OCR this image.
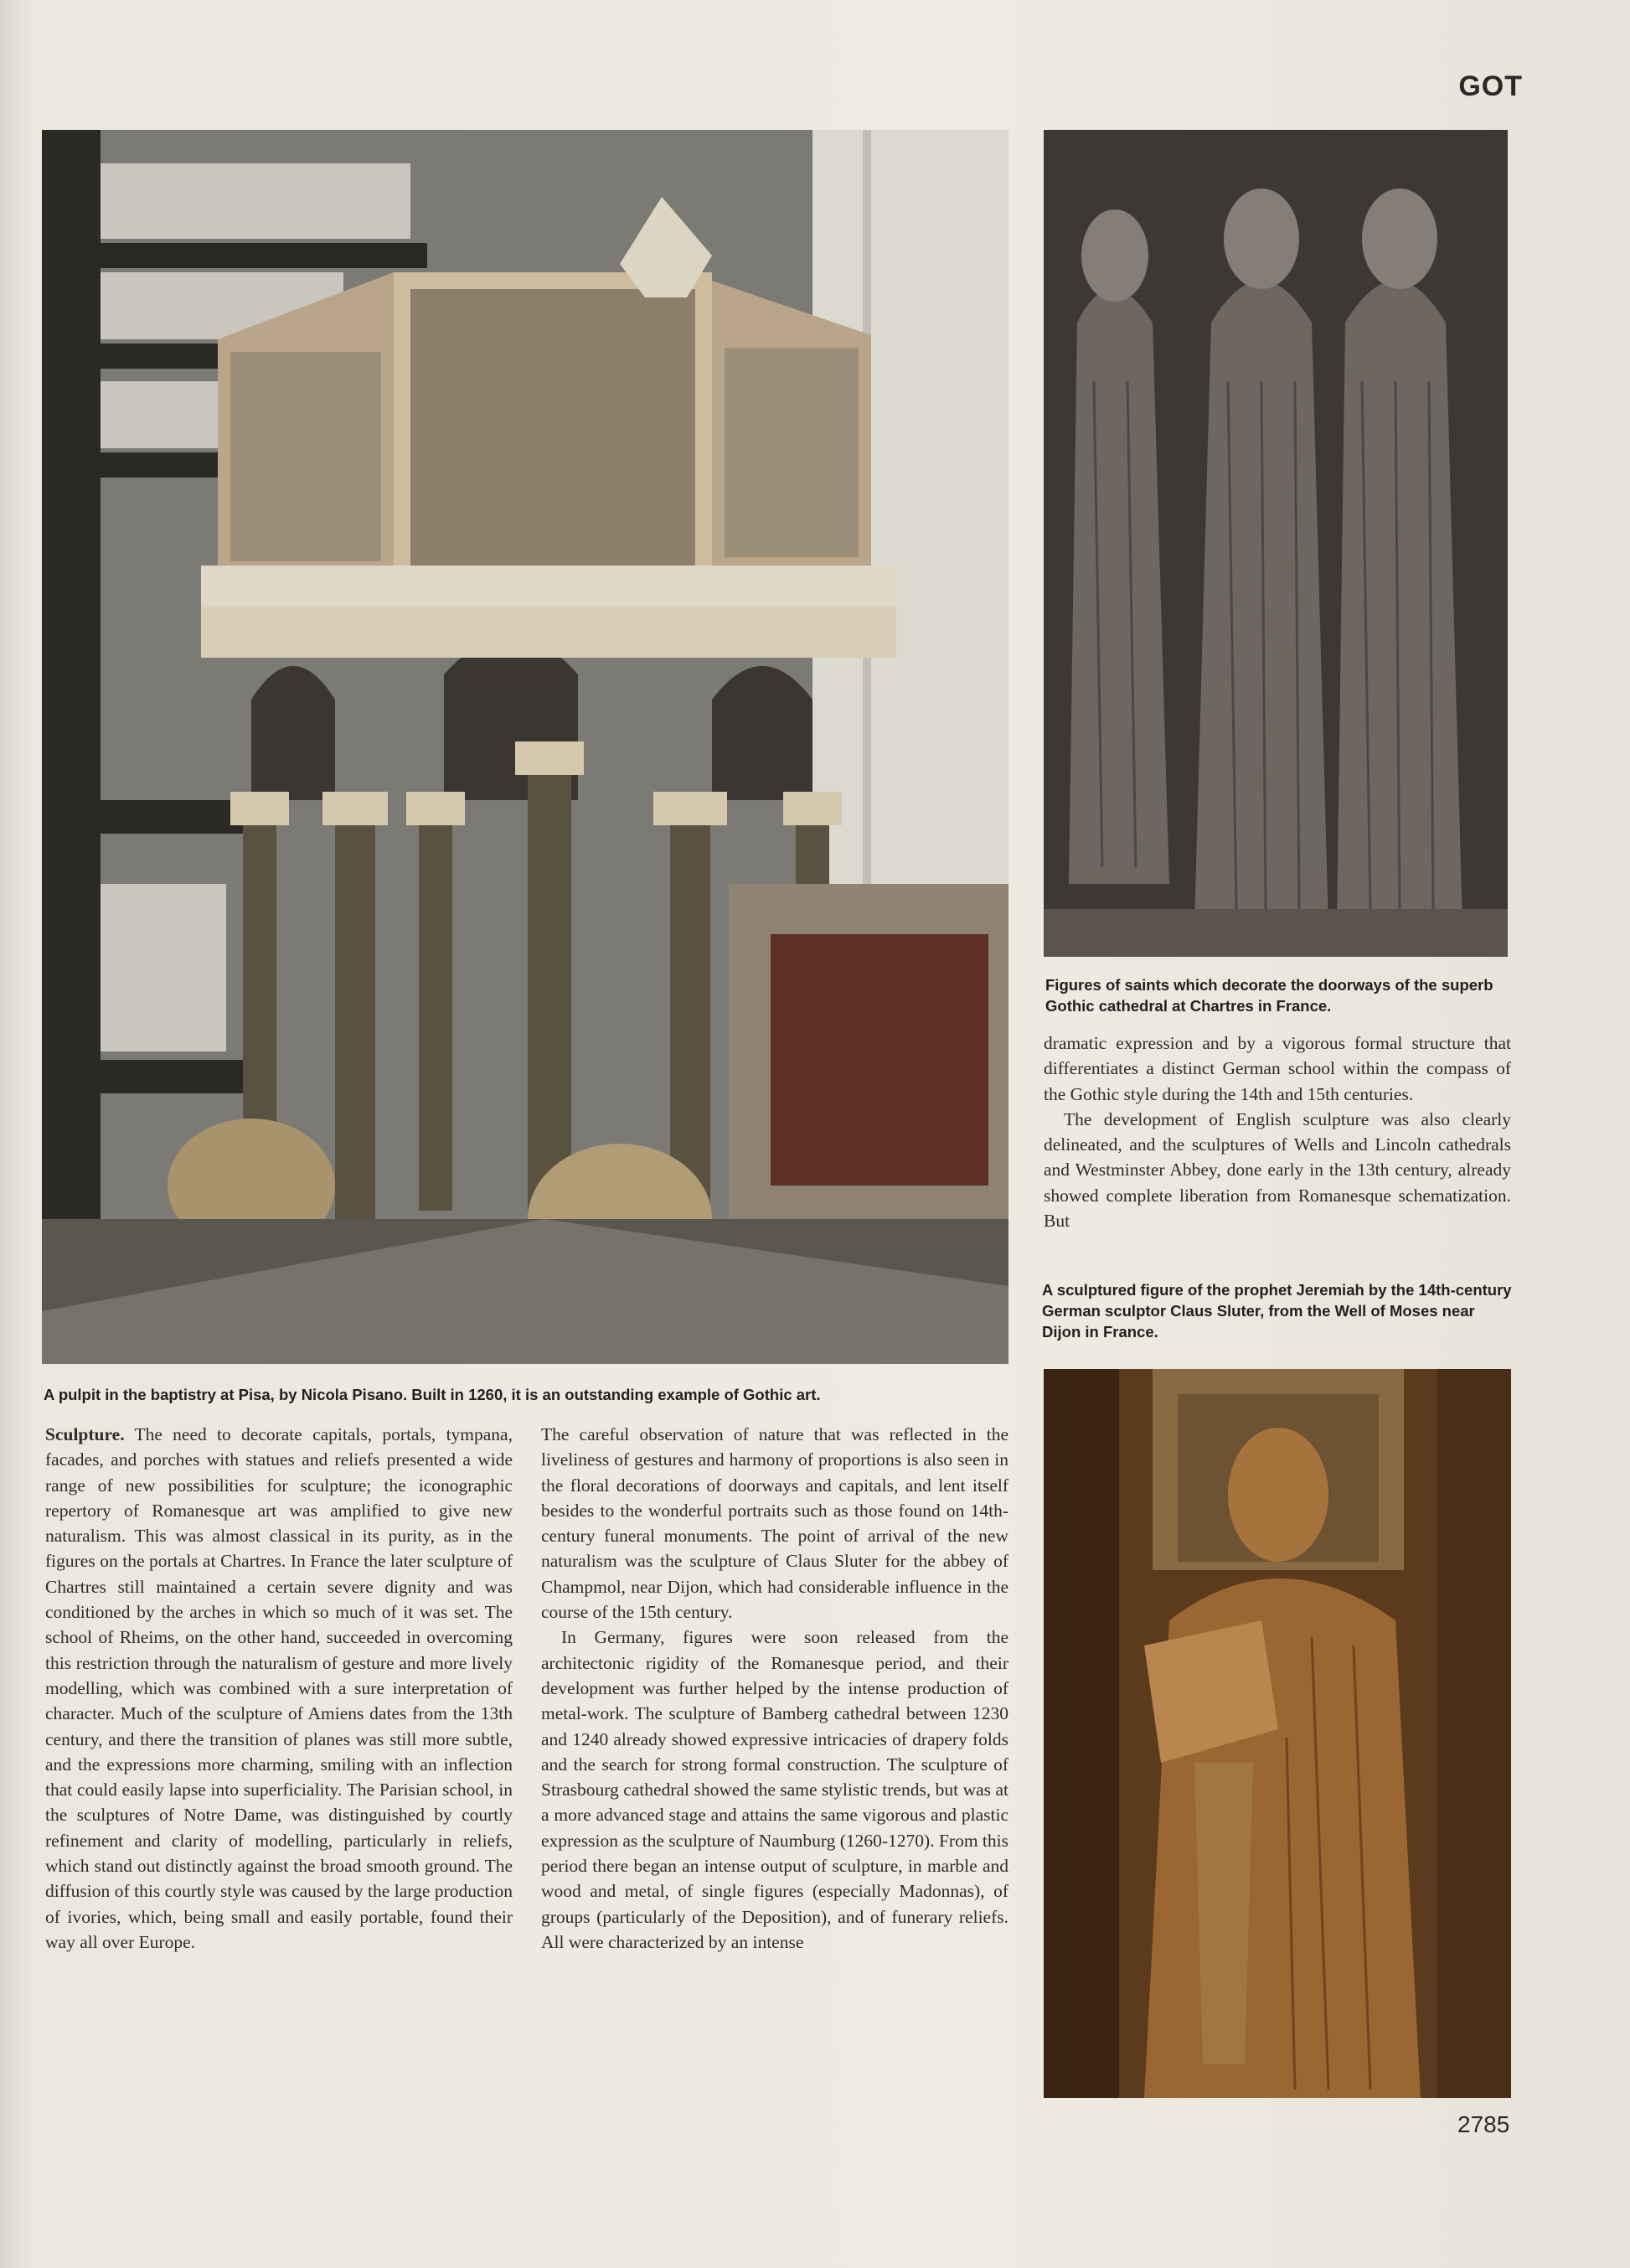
GOT
Figures of saints which decorate the doorways of the superb Gothic cathedral at Chartres in France.

dramatic expression and by a vigorous formal structure that differentiates a distinct German school within the compass of the Gothic style during the 14th and 15th centuries.

The development of English sculpture was also clearly delineated, and the sculptures of Wells and Lincoln cathedrals and Westminster Abbey, done early in the 13th century, already showed complete liberation from Romanesque schematization. But

A sculptured figure of the prophet Jeremiah by the 14th-century German sculptor Claus Sluter, from the Well of Moses near Dijon in France.
A pulpit in the baptistry at Pisa, by Nicola Pisano. Built in 1260, it is an outstanding example of Gothic art.

Sculpture. The need to decorate capitals, portals, tympana, facades, and porches with statues and reliefs presented a wide range of new possibilities for sculpture; the iconographic repertory of Romanesque art was amplified to give new naturalism. This was almost classical in its purity, as in the figures on the portals at Chartres. In France the later sculpture of Chartres still maintained a certain severe dignity and was conditioned by the arches in which so much of it was set. The school of Rheims, on the other hand, succeeded in overcoming this restriction through the naturalism of gesture and more lively modelling, which was combined with a sure interpretation of character. Much of the sculpture of Amiens dates from the 13th century, and there the transition of planes was still more subtle, and the expressions more charming, smiling with an inflection that could easily lapse into superficiality. The Parisian school, in the sculptures of Notre Dame, was distinguished by courtly refinement and clarity of modelling, particularly in reliefs, which stand out distinctly against the broad smooth ground. The diffusion of this courtly style was caused by the large production of ivories, which, being small and easily portable, found their way all over Europe.

The careful observation of nature that was reflected in the liveliness of gestures and harmony of proportions is also seen in the floral decorations of doorways and capitals, and lent itself besides to the wonderful portraits such as those found on 14th-century funeral monuments. The point of arrival of the new naturalism was the sculpture of Claus Sluter for the abbey of Champmol, near Dijon, which had considerable influence in the course of the 15th century.

In Germany, figures were soon released from the architectonic rigidity of the Romanesque period, and their development was further helped by the intense production of metal-work. The sculpture of Bamberg cathedral between 1230 and 1240 already showed expressive intricacies of drapery folds and the search for strong formal construction. The sculpture of Strasbourg cathedral showed the same stylistic trends, but was at a more advanced stage and attains the same vigorous and plastic expression as the sculpture of Naumburg (1260-1270). From this period there began an intense output of sculpture, in marble and wood and metal, of single figures (especially Madonnas), of groups (particularly of the Deposition), and of funerary reliefs. All were characterized by an intense

2785
